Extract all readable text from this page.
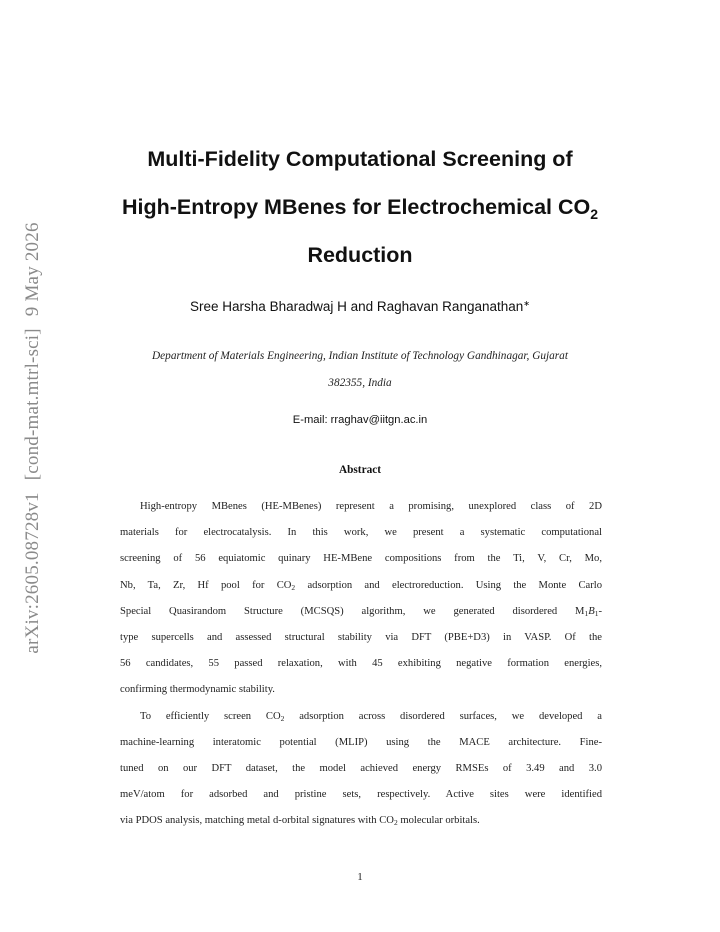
arXiv:2605.08728v1[cond-mat.mtrl-sci]9 May 2026
Multi-Fidelity Computational Screening of
High-Entropy MBenes for Electrochemical $CO_2$
Reduction
Sree Harsha Bharadwaj H and Raghavan Ranganathan∗
Department of Materials Engineering, Indian Institute of Technology Gandhinagar, Gujarat
382355, India
E-mail: rraghav@iitgn.ac.in
Abstract
High-entropy MBenes (HE-MBenes) represent a promising, unexplored class of 2D
materials for electrocatalysis. In this work, we present a systematic computational
screening of 56 equiatomic quinary HE-MBene compositions from the Ti, V, Cr, Mo,
Nb, Ta, Zr, Hf pool for $CO_2$ adsorption and electroreduction. Using the Monte Carlo
Special Quasirandom Structure (MCSQS) algorithm, we generated disordered $M_1B_1-$
type supercells and assessed structural stability via DFT (PBE+D3) in VASP. Of the
56 candidates, 55 passed relaxation, with 45 exhibiting negative formation energies,
confirming thermodynamic stability.
To efficiently screen $CO_2$ adsorption across disordered surfaces, we developed a
machine-learning interatomic potential (MLIP) using the MACE architecture. Fine-
tuned on our DFT dataset, the model achieved energy RMSEs of 3.49 and 3.0
meV/atom for adsorbed and pristine sets, respectively. Active sites were identified
via PDOS analysis, matching metal d-orbital signatures with $CO_2$ molecular orbitals.
1
